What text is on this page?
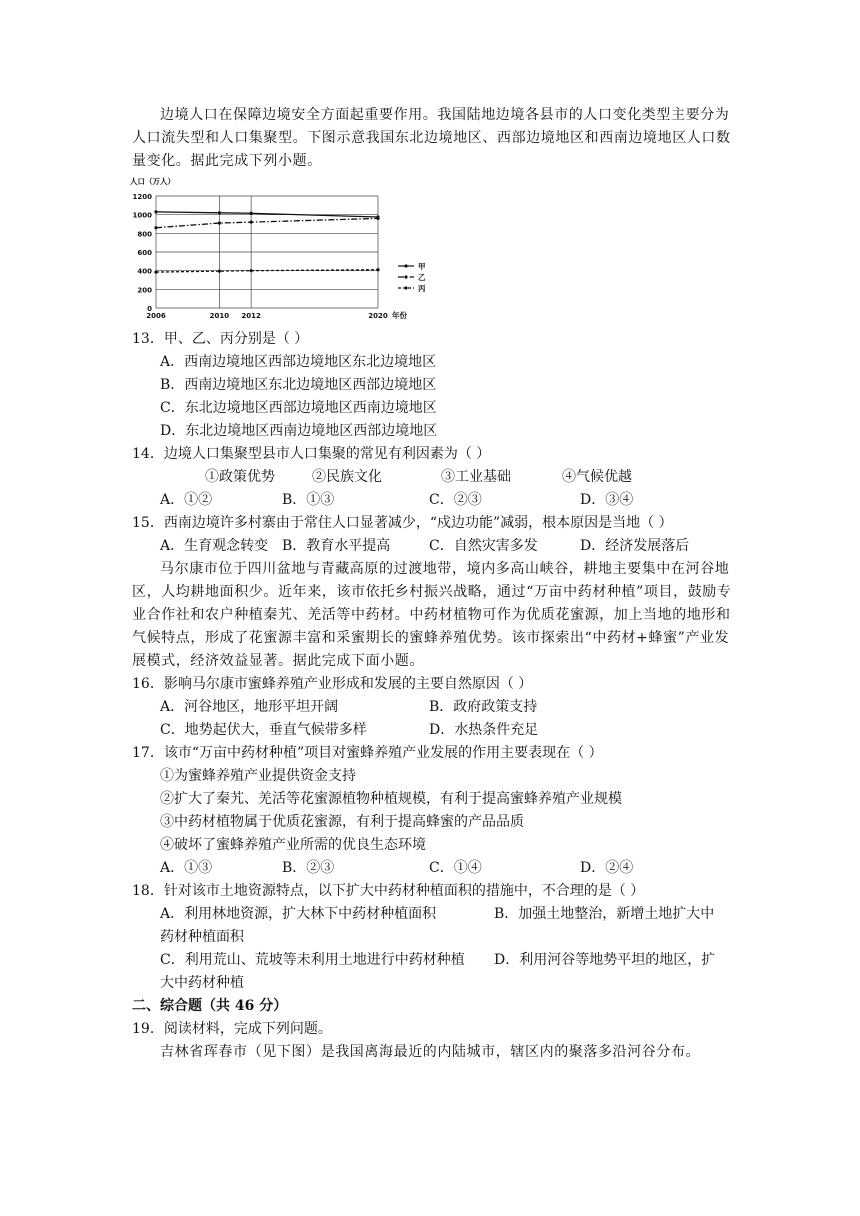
边境人口在保障边境安全方面起重要作用。我国陆地边境各县市的人口变化类型主要分为人口流失型和人口集聚型。下图示意我国东北边境地区、西部边境地区和西南边境地区人口数量变化。据此完成下列小题。
0
200
400
600
800
1000
1200
2006	2010 2012	2020
人口（万人）
年份
甲
乙
丙
13．甲、乙、丙分别是（ ）
A．西南边境地区西部边境地区东北边境地区
B．西南边境地区东北边境地区西部边境地区
C．东北边境地区西部边境地区西南边境地区
D．东北边境地区西南边境地区西部边境地区
14．边境人口集聚型县市人口集聚的常见有利因素为（ ）
①政策优势	②民族文化	③工业基础	④气候优越
A．①②	B．①③	C．②③	D．③④
15．西南边境许多村寨由于常住人口显著减少，“戍边功能”减弱，根本原因是当地（ ）
A．生育观念转变 B．教育水平提高	C．自然灾害多发	D．经济发展落后
马尔康市位于四川盆地与青藏高原的过渡地带，境内多高山峡谷，耕地主要集中在河谷地区，人均耕地面积少。近年来，该市依托乡村振兴战略，通过“万亩中药材种植”项目，鼓励专业合作社和农户种植秦艽、羌活等中药材。中药材植物可作为优质花蜜源，加上当地的地形和气候特点，形成了花蜜源丰富和采蜜期长的蜜蜂养殖优势。该市探索出“中药材+蜂蜜”产业发展模式，经济效益显著。据此完成下面小题。
16．影响马尔康市蜜蜂养殖产业形成和发展的主要自然原因（ ）
A．河谷地区，地形平坦开阔	B．政府政策支持
C．地势起伏大，垂直气候带多样	D．水热条件充足
17．该市“万亩中药材种植”项目对蜜蜂养殖产业发展的作用主要表现在（ ）
①为蜜蜂养殖产业提供资金支持
②扩大了秦艽、羌活等花蜜源植物种植规模，有利于提高蜜蜂养殖产业规模
③中药材植物属于优质花蜜源，有利于提高蜂蜜的产品品质
④破坏了蜜蜂养殖产业所需的优良生态环境
A．①③	B．②③	C．①④	D．②④
18．针对该市土地资源特点，以下扩大中药材种植面积的措施中，不合理的是（ ）
A．利用林地资源，扩大林下中药材种植面积	B．加强土地整治，新增土地扩大中
药材种植面积
C．利用荒山、荒坡等未利用土地进行中药材种植 D．利用河谷等地势平坦的地区，扩
大中药材种植
二、综合题（共 46 分）
19．阅读材料，完成下列问题。
吉林省珲春市（见下图）是我国离海最近的内陆城市，辖区内的聚落多沿河谷分布。
